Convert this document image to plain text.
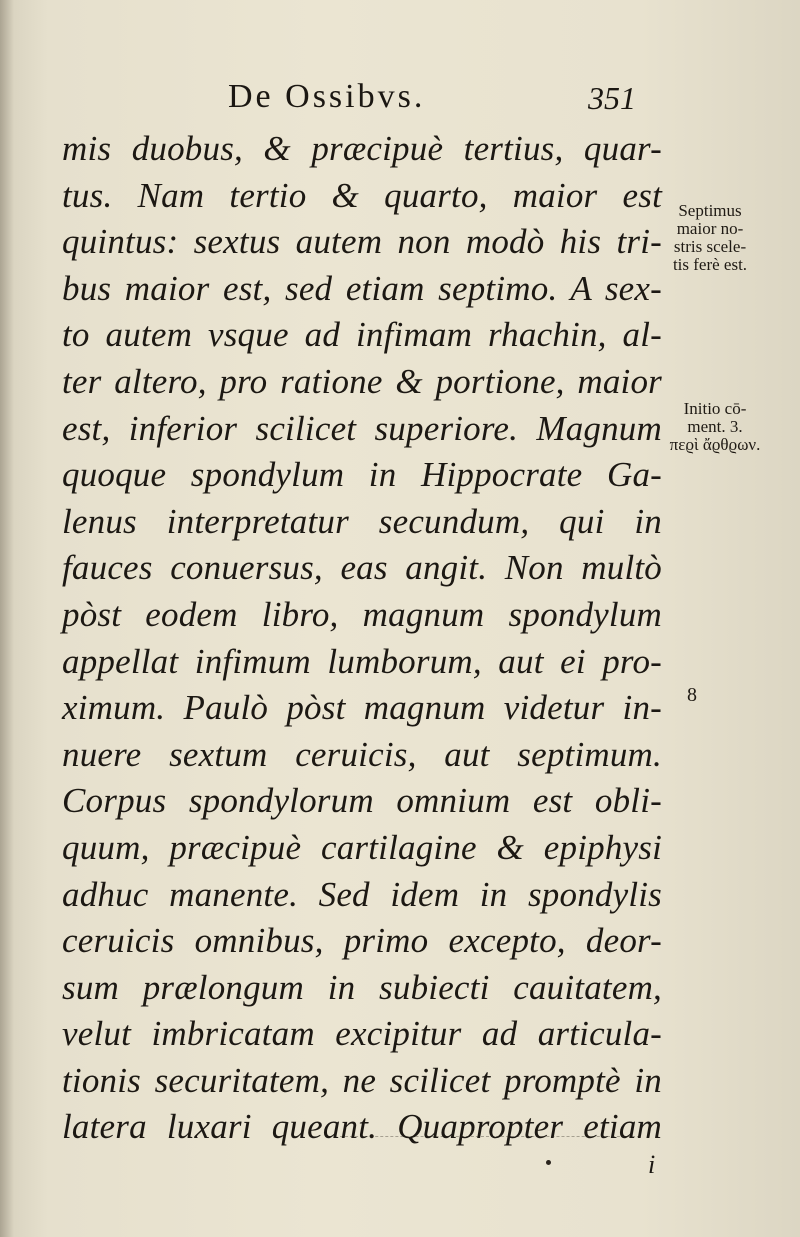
De Ossibvs.	351
mis duobus, & præcipuè tertius, quar-
tus. Nam tertio & quarto, maior est
quintus: sextus autem non modò his tri-
bus maior est, sed etiam septimo. A sex-
to autem vsque ad infimam rhachin, al-
ter altero, pro ratione & portione, maior
est, inferior scilicet superiore. Magnum
quoque spondylum in Hippocrate Ga-
lenus interpretatur secundum, qui in
fauces conuersus, eas angit. Non multò
pòst eodem libro, magnum spondylum
appellat infimum lumborum, aut ei pro-
ximum. Paulò pòst magnum videtur in-
nuere sextum ceruicis, aut septimum.
Corpus spondylorum omnium est obli-
quum, præcipuè cartilagine & epiphysi
adhuc manente. Sed idem in spondylis
ceruicis omnibus, primo excepto, deor-
sum prælongum in subiecti cauitatem,
velut imbricatam excipitur ad articula-
tionis securitatem, ne scilicet promptè in
latera luxari queant. Quapropter etiam
Septimus
maior no-
stris scele-
tis ferè est.
Initio cō-
ment. 3.
πεϱὶ ἄϱθϱων.
8
i
